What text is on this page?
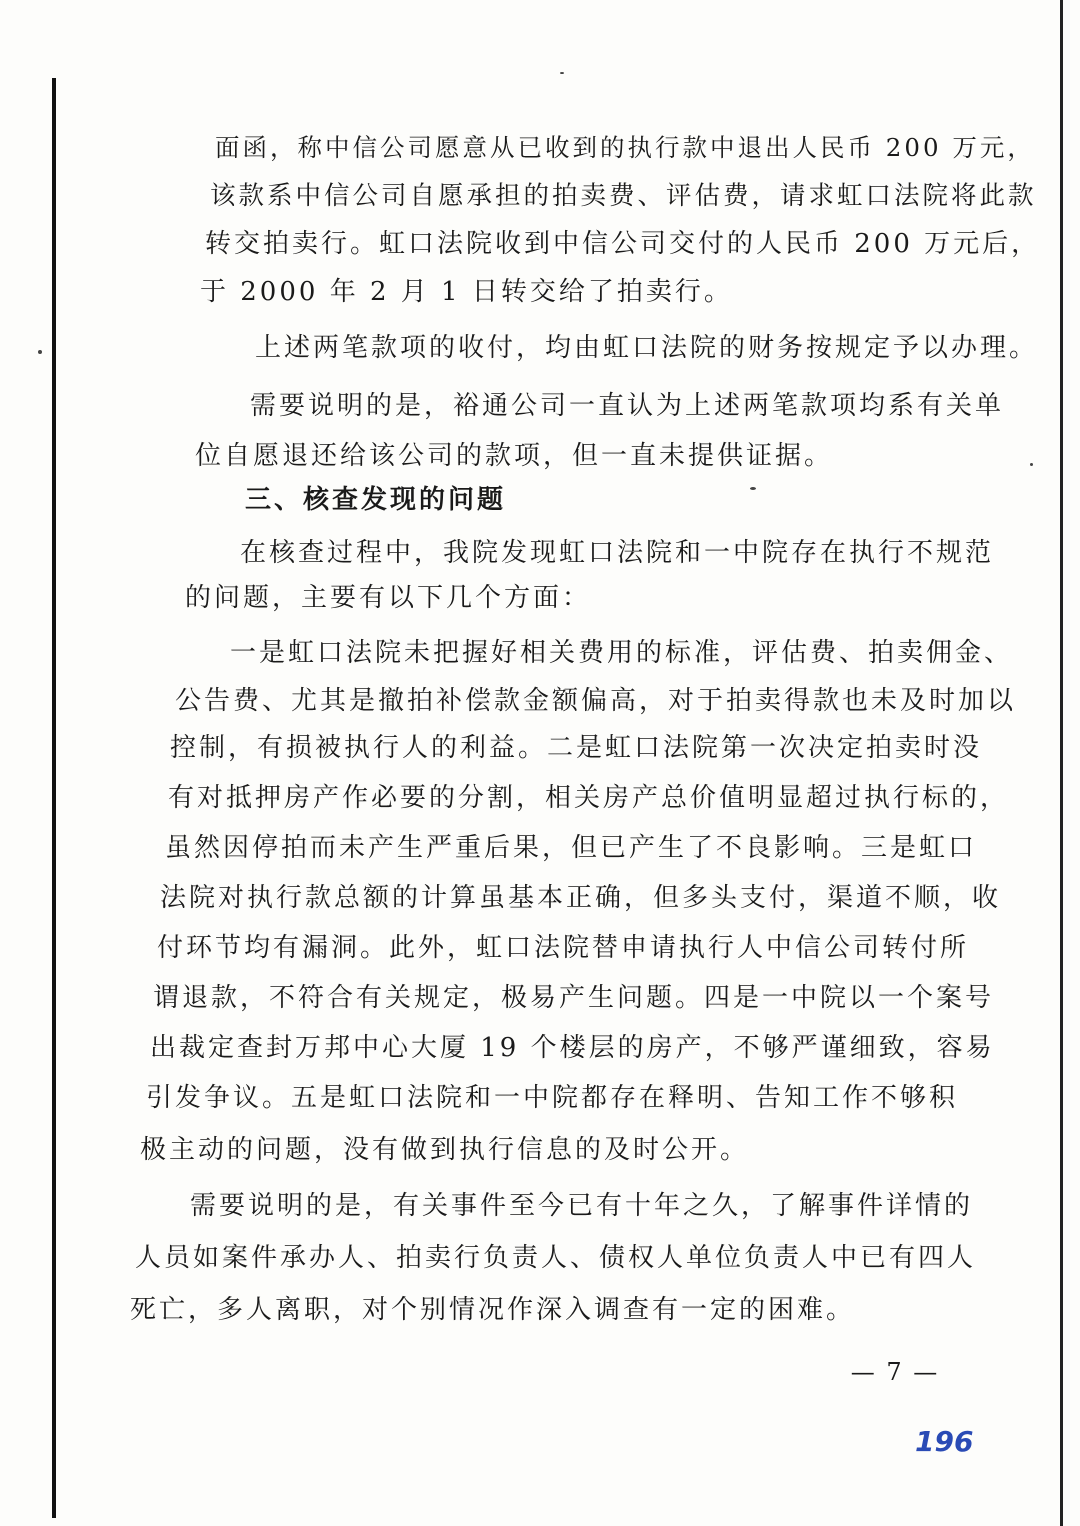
面函，称中信公司愿意从已收到的执行款中退出人民币 200 万元，
该款系中信公司自愿承担的拍卖费、评估费，请求虹口法院将此款
转交拍卖行。虹口法院收到中信公司交付的人民币 200 万元后，
于 2000 年 2 月 1 日转交给了拍卖行。
上述两笔款项的收付，均由虹口法院的财务按规定予以办理。
需要说明的是，裕通公司一直认为上述两笔款项均系有关单
位自愿退还给该公司的款项，但一直未提供证据。
三、核查发现的问题
在核查过程中，我院发现虹口法院和一中院存在执行不规范
的问题，主要有以下几个方面：
一是虹口法院未把握好相关费用的标准，评估费、拍卖佣金、
公告费、尤其是撤拍补偿款金额偏高，对于拍卖得款也未及时加以
控制，有损被执行人的利益。二是虹口法院第一次决定拍卖时没
有对抵押房产作必要的分割，相关房产总价值明显超过执行标的，
虽然因停拍而未产生严重后果，但已产生了不良影响。三是虹口
法院对执行款总额的计算虽基本正确，但多头支付，渠道不顺，收
付环节均有漏洞。此外，虹口法院替申请执行人中信公司转付所
谓退款，不符合有关规定，极易产生问题。四是一中院以一个案号
出裁定查封万邦中心大厦 19 个楼层的房产，不够严谨细致，容易
引发争议。五是虹口法院和一中院都存在释明、告知工作不够积
极主动的问题，没有做到执行信息的及时公开。
需要说明的是，有关事件至今已有十年之久，了解事件详情的
人员如案件承办人、拍卖行负责人、债权人单位负责人中已有四人
死亡，多人离职，对个别情况作深入调查有一定的困难。
— 7 —
196
